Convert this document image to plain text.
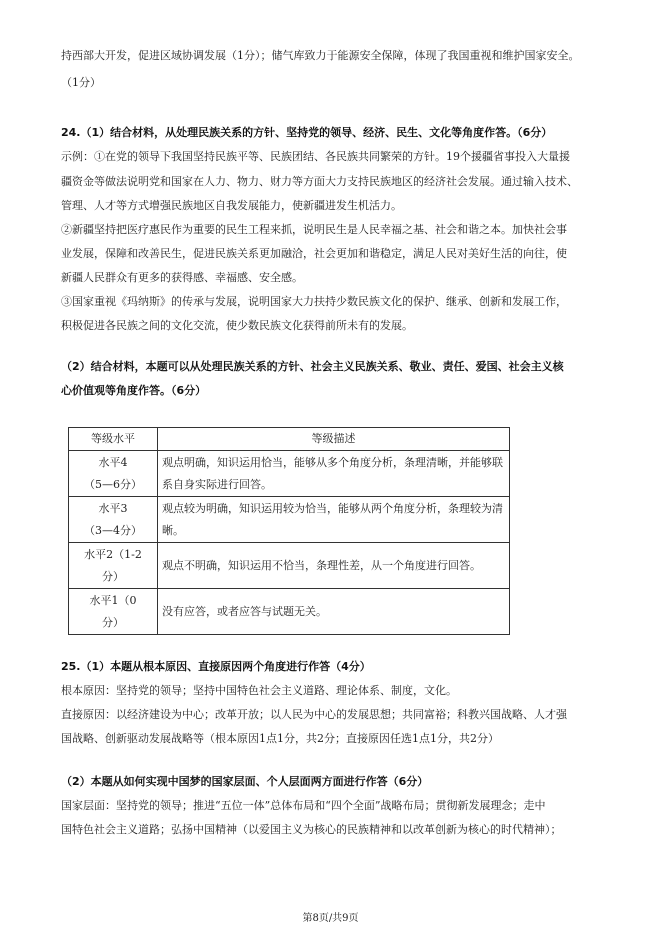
持西部大开发，促进区域协调发展（1分）；储气库致力于能源安全保障，体现了我国重视和维护国家安全。

（1分）

24.（1）结合材料，从处理民族关系的方针、坚持党的领导、经济、民生、文化等角度作答。（6分）

示例：①在党的领导下我国坚持民族平等、民族团结、各民族共同繁荣的方针。19个援疆省事投入大量援

疆资金等做法说明党和国家在人力、物力、财力等方面大力支持民族地区的经济社会发展。通过输入技术、

管理、人才等方式增强民族地区自我发展能力，使新疆进发生机活力。

②新疆坚持把医疗惠民作为重要的民生工程来抓，说明民生是人民幸福之基、社会和谐之本。加快社会事

业发展，保障和改善民生，促进民族关系更加融洽，社会更加和谐稳定，满足人民对美好生活的向往，使

新疆人民群众有更多的获得感、幸福感、安全感。

③国家重视《玛纳斯》的传承与发展，说明国家大力扶持少数民族文化的保护、继承、创新和发展工作，

积极促进各民族之间的文化交流，使少数民族文化获得前所未有的发展。

（2）结合材料，本题可以从处理民族关系的方针、社会主义民族关系、敬业、责任、爱国、社会主义核

心价值观等角度作答。（6分）

等级水平	等级描述

水平4
（5—6分）	观点明确，知识运用恰当，能够从多个角度分析，条理清晰，并能够联系自身实际进行回答。

水平3
（3—4分）	观点较为明确，知识运用较为恰当，能够从两个角度分析，条理较为清晰。

水平2（1-2
分）	观点不明确，知识运用不恰当，条理性差，从一个角度进行回答。

水平1（0
分）	没有应答，或者应答与试题无关。

25.（1）本题从根本原因、直接原因两个角度进行作答（4分）

根本原因：坚持党的领导；坚持中国特色社会主义道路、理论体系、制度，文化。

直接原因：以经济建设为中心；改革开放；以人民为中心的发展思想；共同富裕；科教兴国战略、人才强

国战略、创新驱动发展战略等（根本原因1点1分，共2分；直接原因任选1点1分，共2分）

（2）本题从如何实现中国梦的国家层面、个人层面两方面进行作答（6分）

国家层面：坚持党的领导；推进“五位一体”总体布局和“四个全面”战略布局；贯彻新发展理念；走中

国特色社会主义道路；弘扬中国精神（以爱国主义为核心的民族精神和以改革创新为核心的时代精神）；

第8页/共9页
